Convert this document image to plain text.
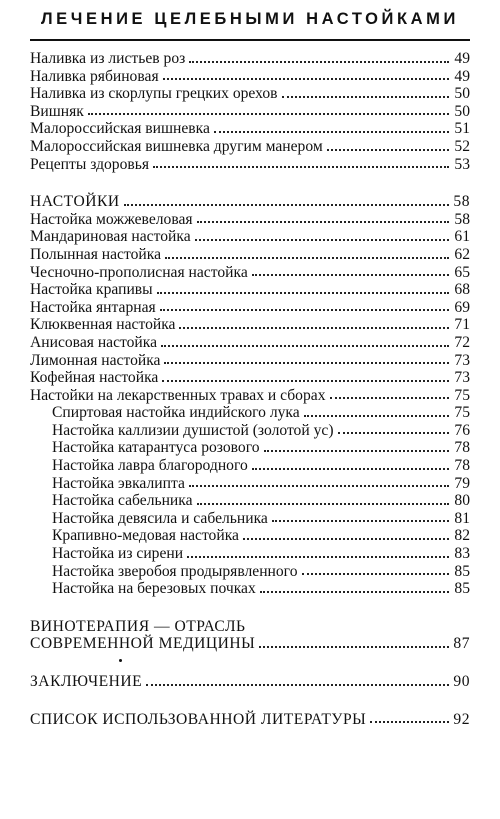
ЛЕЧЕНИЕ ЦЕЛЕБНЫМИ НАСТОЙКАМИ
Наливка из листьев роз	49
Наливка рябиновая	49
Наливка из скорлупы грецких орехов	50
Вишняк	50
Малороссийская вишневка	51
Малороссийская вишневка другим манером	52
Рецепты здоровья	53
НАСТОЙКИ	58
Настойка можжевеловая	58
Мандариновая настойка	61
Полынная настойка	62
Чесночно-прополисная настойка	65
Настойка крапивы	68
Настойка янтарная	69
Клюквенная настойка	71
Анисовая настойка	72
Лимонная настойка	73
Кофейная настойка	73
Настойки на лекарственных травах и сборах	75
Спиртовая настойка индийского лука	75
Настойка каллизии душистой (золотой ус)	76
Настойка катарантуса розового	78
Настойка лавра благородного	78
Настойка эвкалипта	79
Настойка сабельника	80
Настойка девясила и сабельника	81
Крапивно-медовая настойка	82
Настойка из сирени	83
Настойка зверобоя продырявленного	85
Настойка на березовых почках	85
ВИНОТЕРАПИЯ — ОТРАСЛЬ
СОВРЕМЕННОЙ МЕДИЦИНЫ	87
ЗАКЛЮЧЕНИЕ	90
СПИСОК ИСПОЛЬЗОВАННОЙ ЛИТЕРАТУРЫ	92
